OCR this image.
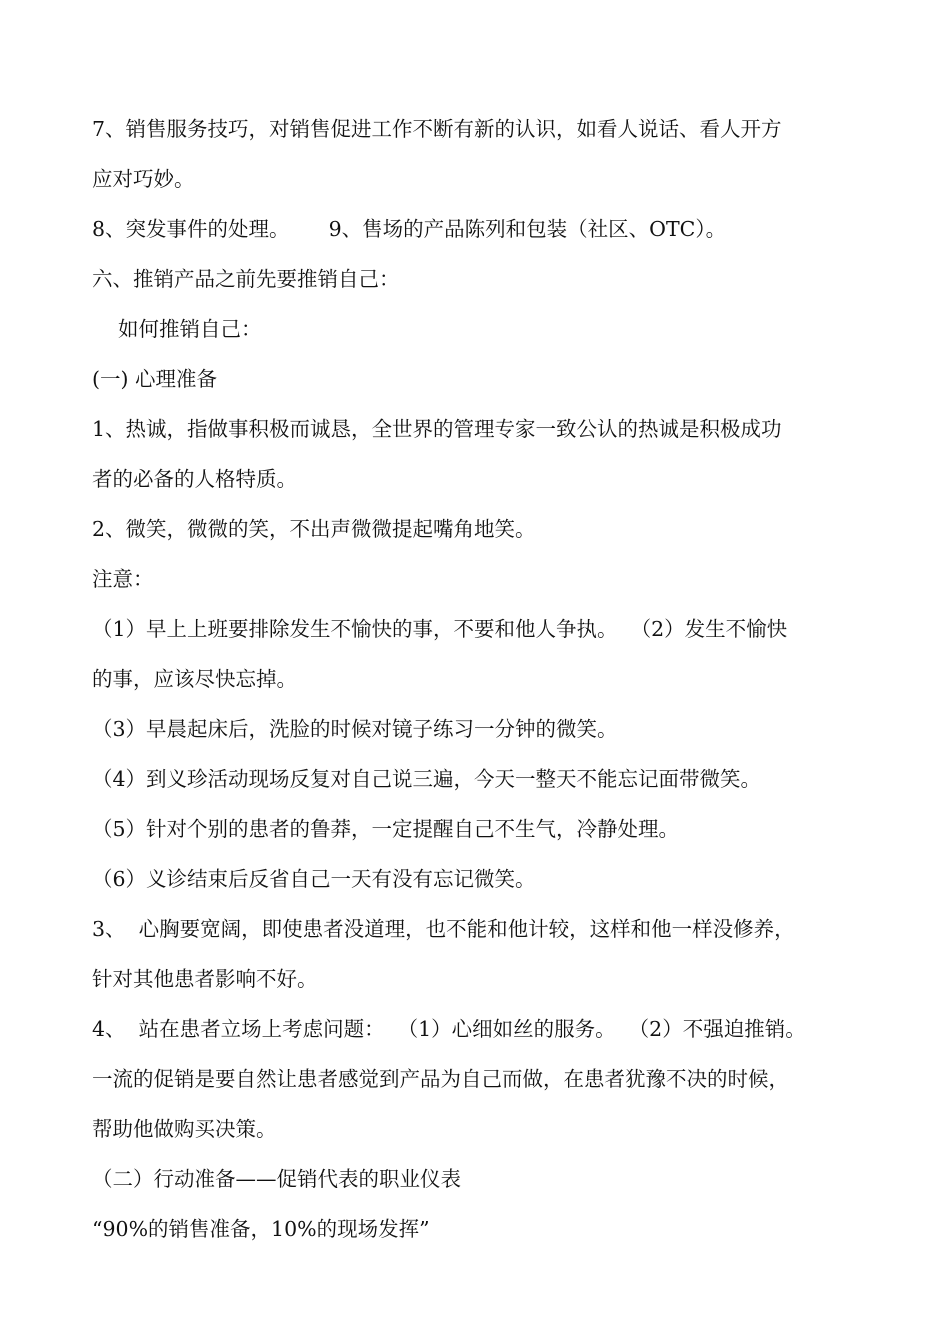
7、销售服务技巧，对销售促进工作不断有新的认识，如看人说话、看人开方
应对巧妙。
8、突发事件的处理。      9、售场的产品陈列和包装（社区、OTC）。
六、推销产品之前先要推销自己：
如何推销自己：
(一) 心理准备
1、热诚，指做事积极而诚恳，全世界的管理专家一致公认的热诚是积极成功
者的必备的人格特质。
2、微笑，微微的笑，不出声微微提起嘴角地笑。
注意：
（1）早上上班要排除发生不愉快的事，不要和他人争执。  （2）发生不愉快
的事，应该尽快忘掉。
（3）早晨起床后，洗脸的时候对镜子练习一分钟的微笑。
（4）到义珍活动现场反复对自己说三遍，今天一整天不能忘记面带微笑。
（5）针对个别的患者的鲁莽，一定提醒自己不生气，冷静处理。
（6）义诊结束后反省自己一天有没有忘记微笑。
3、  心胸要宽阔，即使患者没道理，也不能和他计较，这样和他一样没修养，
针对其他患者影响不好。
4、  站在患者立场上考虑问题：  （1）心细如丝的服务。  （2）不强迫推销。
一流的促销是要自然让患者感觉到产品为自己而做，在患者犹豫不决的时候，
帮助他做购买决策。
（二）行动准备——促销代表的职业仪表
“90%的销售准备，10%的现场发挥”
